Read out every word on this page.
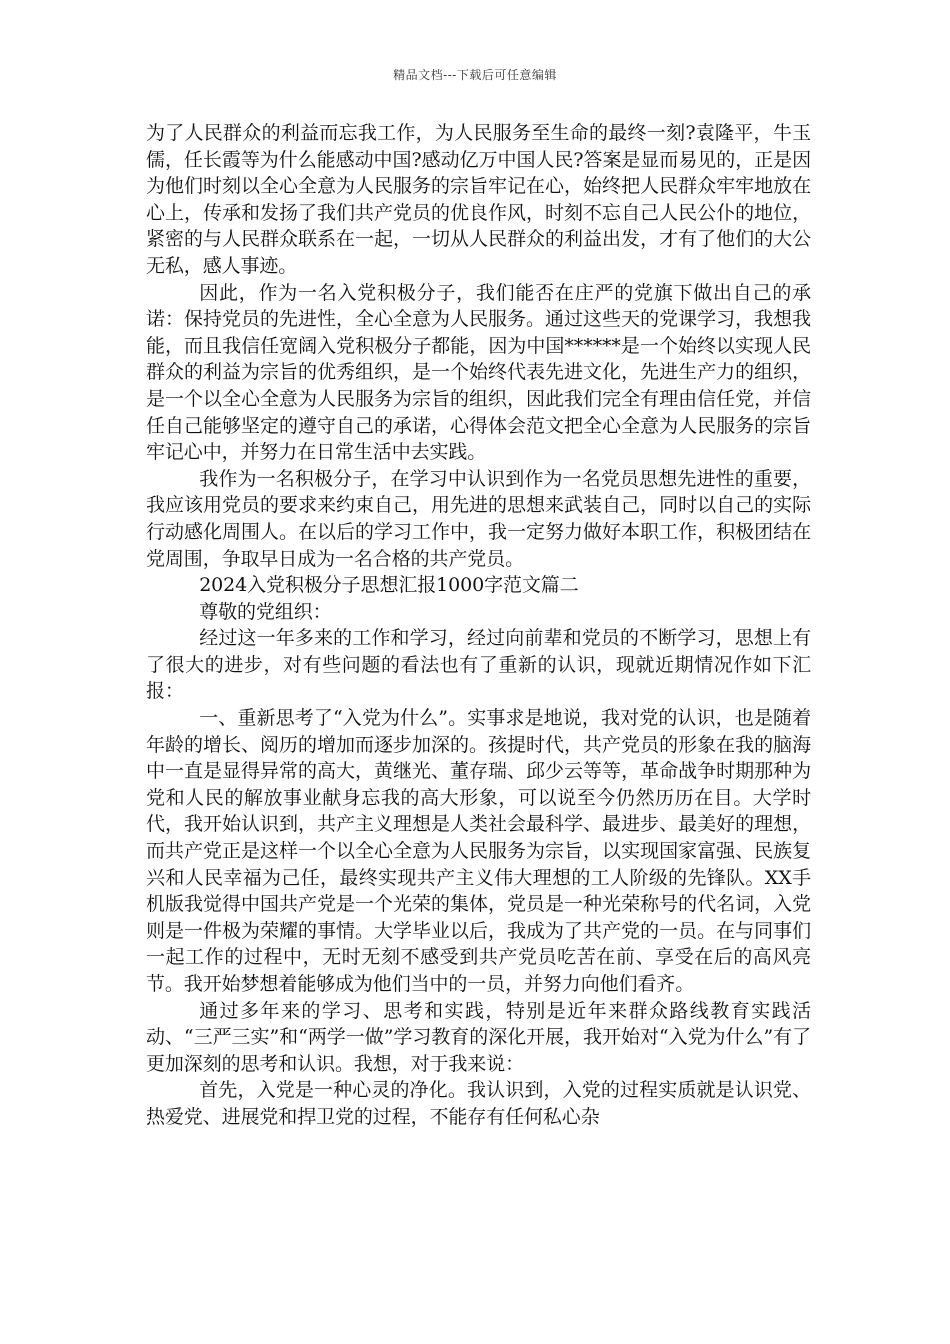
精品文档---下载后可任意编辑

为了人民群众的利益而忘我工作，为人民服务至生命的最终一刻?袁隆平，牛玉儒，任长霞等为什么能感动中国?感动亿万中国人民?答案是显而易见的，正是因为他们时刻以全心全意为人民服务的宗旨牢记在心，始终把人民群众牢牢地放在心上，传承和发扬了我们共产党员的优良作风，时刻不忘自己人民公仆的地位，紧密的与人民群众联系在一起，一切从人民群众的利益出发，才有了他们的大公无私，感人事迹。

因此，作为一名入党积极分子，我们能否在庄严的党旗下做出自己的承诺：保持党员的先进性，全心全意为人民服务。通过这些天的党课学习，我想我能，而且我信任宽阔入党积极分子都能，因为中国******是一个始终以实现人民群众的利益为宗旨的优秀组织，是一个始终代表先进文化，先进生产力的组织，是一个以全心全意为人民服务为宗旨的组织，因此我们完全有理由信任党，并信任自己能够坚定的遵守自己的承诺，心得体会范文把全心全意为人民服务的宗旨牢记心中，并努力在日常生活中去实践。

我作为一名积极分子，在学习中认识到作为一名党员思想先进性的重要，我应该用党员的要求来约束自己，用先进的思想来武装自己，同时以自己的实际行动感化周围人。在以后的学习工作中，我一定努力做好本职工作，积极团结在党周围，争取早日成为一名合格的共产党员。

2024入党积极分子思想汇报1000字范文篇二

尊敬的党组织：

经过这一年多来的工作和学习，经过向前辈和党员的不断学习，思想上有了很大的进步，对有些问题的看法也有了重新的认识，现就近期情况作如下汇报：

一、重新思考了“入党为什么”。实事求是地说，我对党的认识，也是随着年龄的增长、阅历的增加而逐步加深的。孩提时代，共产党员的形象在我的脑海中一直是显得异常的高大，黄继光、董存瑞、邱少云等等，革命战争时期那种为党和人民的解放事业献身忘我的高大形象，可以说至今仍然历历在目。大学时代，我开始认识到，共产主义理想是人类社会最科学、最进步、最美好的理想，而共产党正是这样一个以全心全意为人民服务为宗旨，以实现国家富强、民族复兴和人民幸福为己任，最终实现共产主义伟大理想的工人阶级的先锋队。XX手机版我觉得中国共产党是一个光荣的集体，党员是一种光荣称号的代名词，入党则是一件极为荣耀的事情。大学毕业以后，我成为了共产党的一员。在与同事们一起工作的过程中，无时无刻不感受到共产党员吃苦在前、享受在后的高风亮节。我开始梦想着能够成为他们当中的一员，并努力向他们看齐。

通过多年来的学习、思考和实践，特别是近年来群众路线教育实践活动、“三严三实”和“两学一做”学习教育的深化开展，我开始对“入党为什么”有了更加深刻的思考和认识。我想，对于我来说：

首先，入党是一种心灵的净化。我认识到，入党的过程实质就是认识党、热爱党、进展党和捍卫党的过程，不能存有任何私心杂
